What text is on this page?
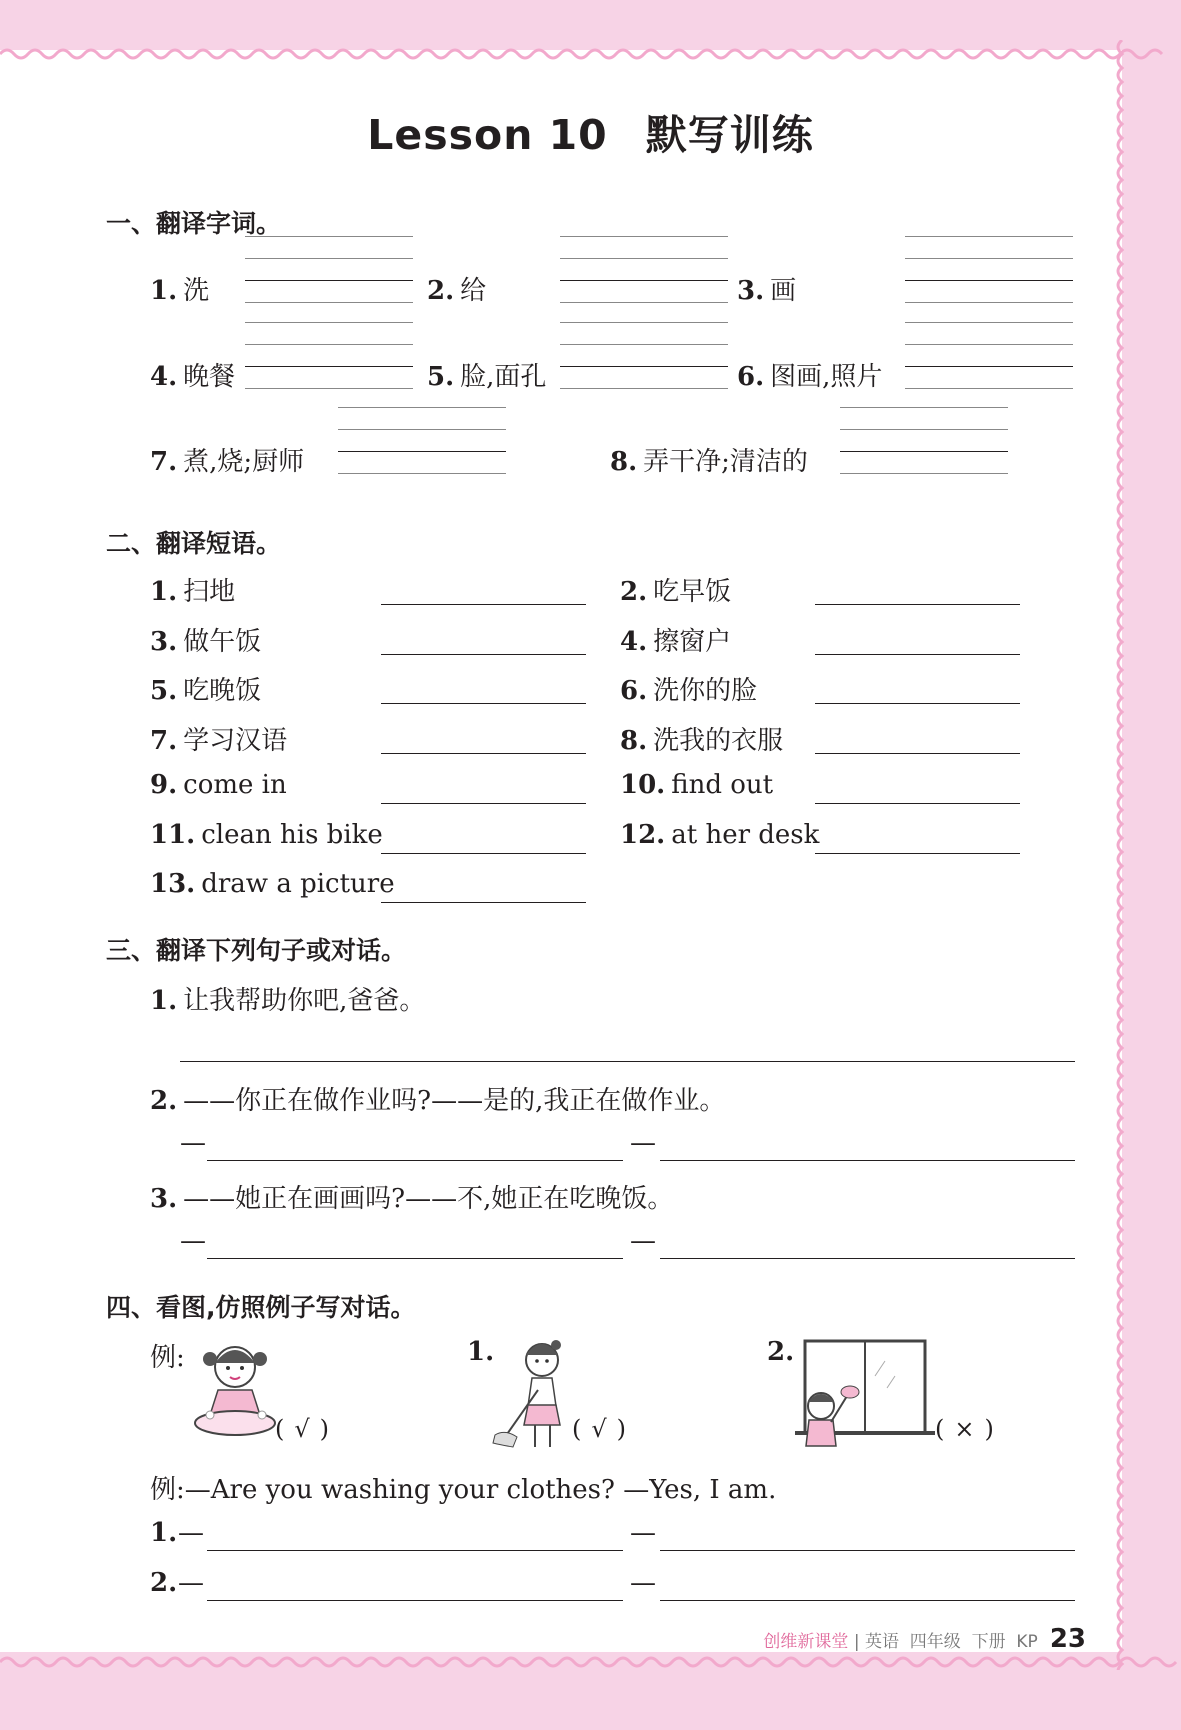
Lesson 10 默写训练
一、翻译字词。
1. 洗	2. 给	3. 画
4. 晚餐	5. 脸,面孔	6. 图画,照片
7. 煮,烧;厨师	8. 弄干净;清洁的
二、翻译短语。
1. 扫地	2. 吃早饭
3. 做午饭	4. 擦窗户
5. 吃晚饭	6. 洗你的脸
7. 学习汉语	8. 洗我的衣服
9. come in	10. find out
11. clean his bike	12. at her desk
13. draw a picture
三、翻译下列句子或对话。
1. 让我帮助你吧,爸爸。
2. ——你正在做作业吗?——是的,我正在做作业。
—	—
3. ——她正在画画吗?——不,她正在吃晚饭。
—	—
四、看图,仿照例子写对话。
例:
(√)
1.
(√)
2.
(×)
例:—Are you washing your clothes? —Yes, I am.
1. —	—
2. —	—
创维新课堂 | 英语 四年级 下册 KP 23
